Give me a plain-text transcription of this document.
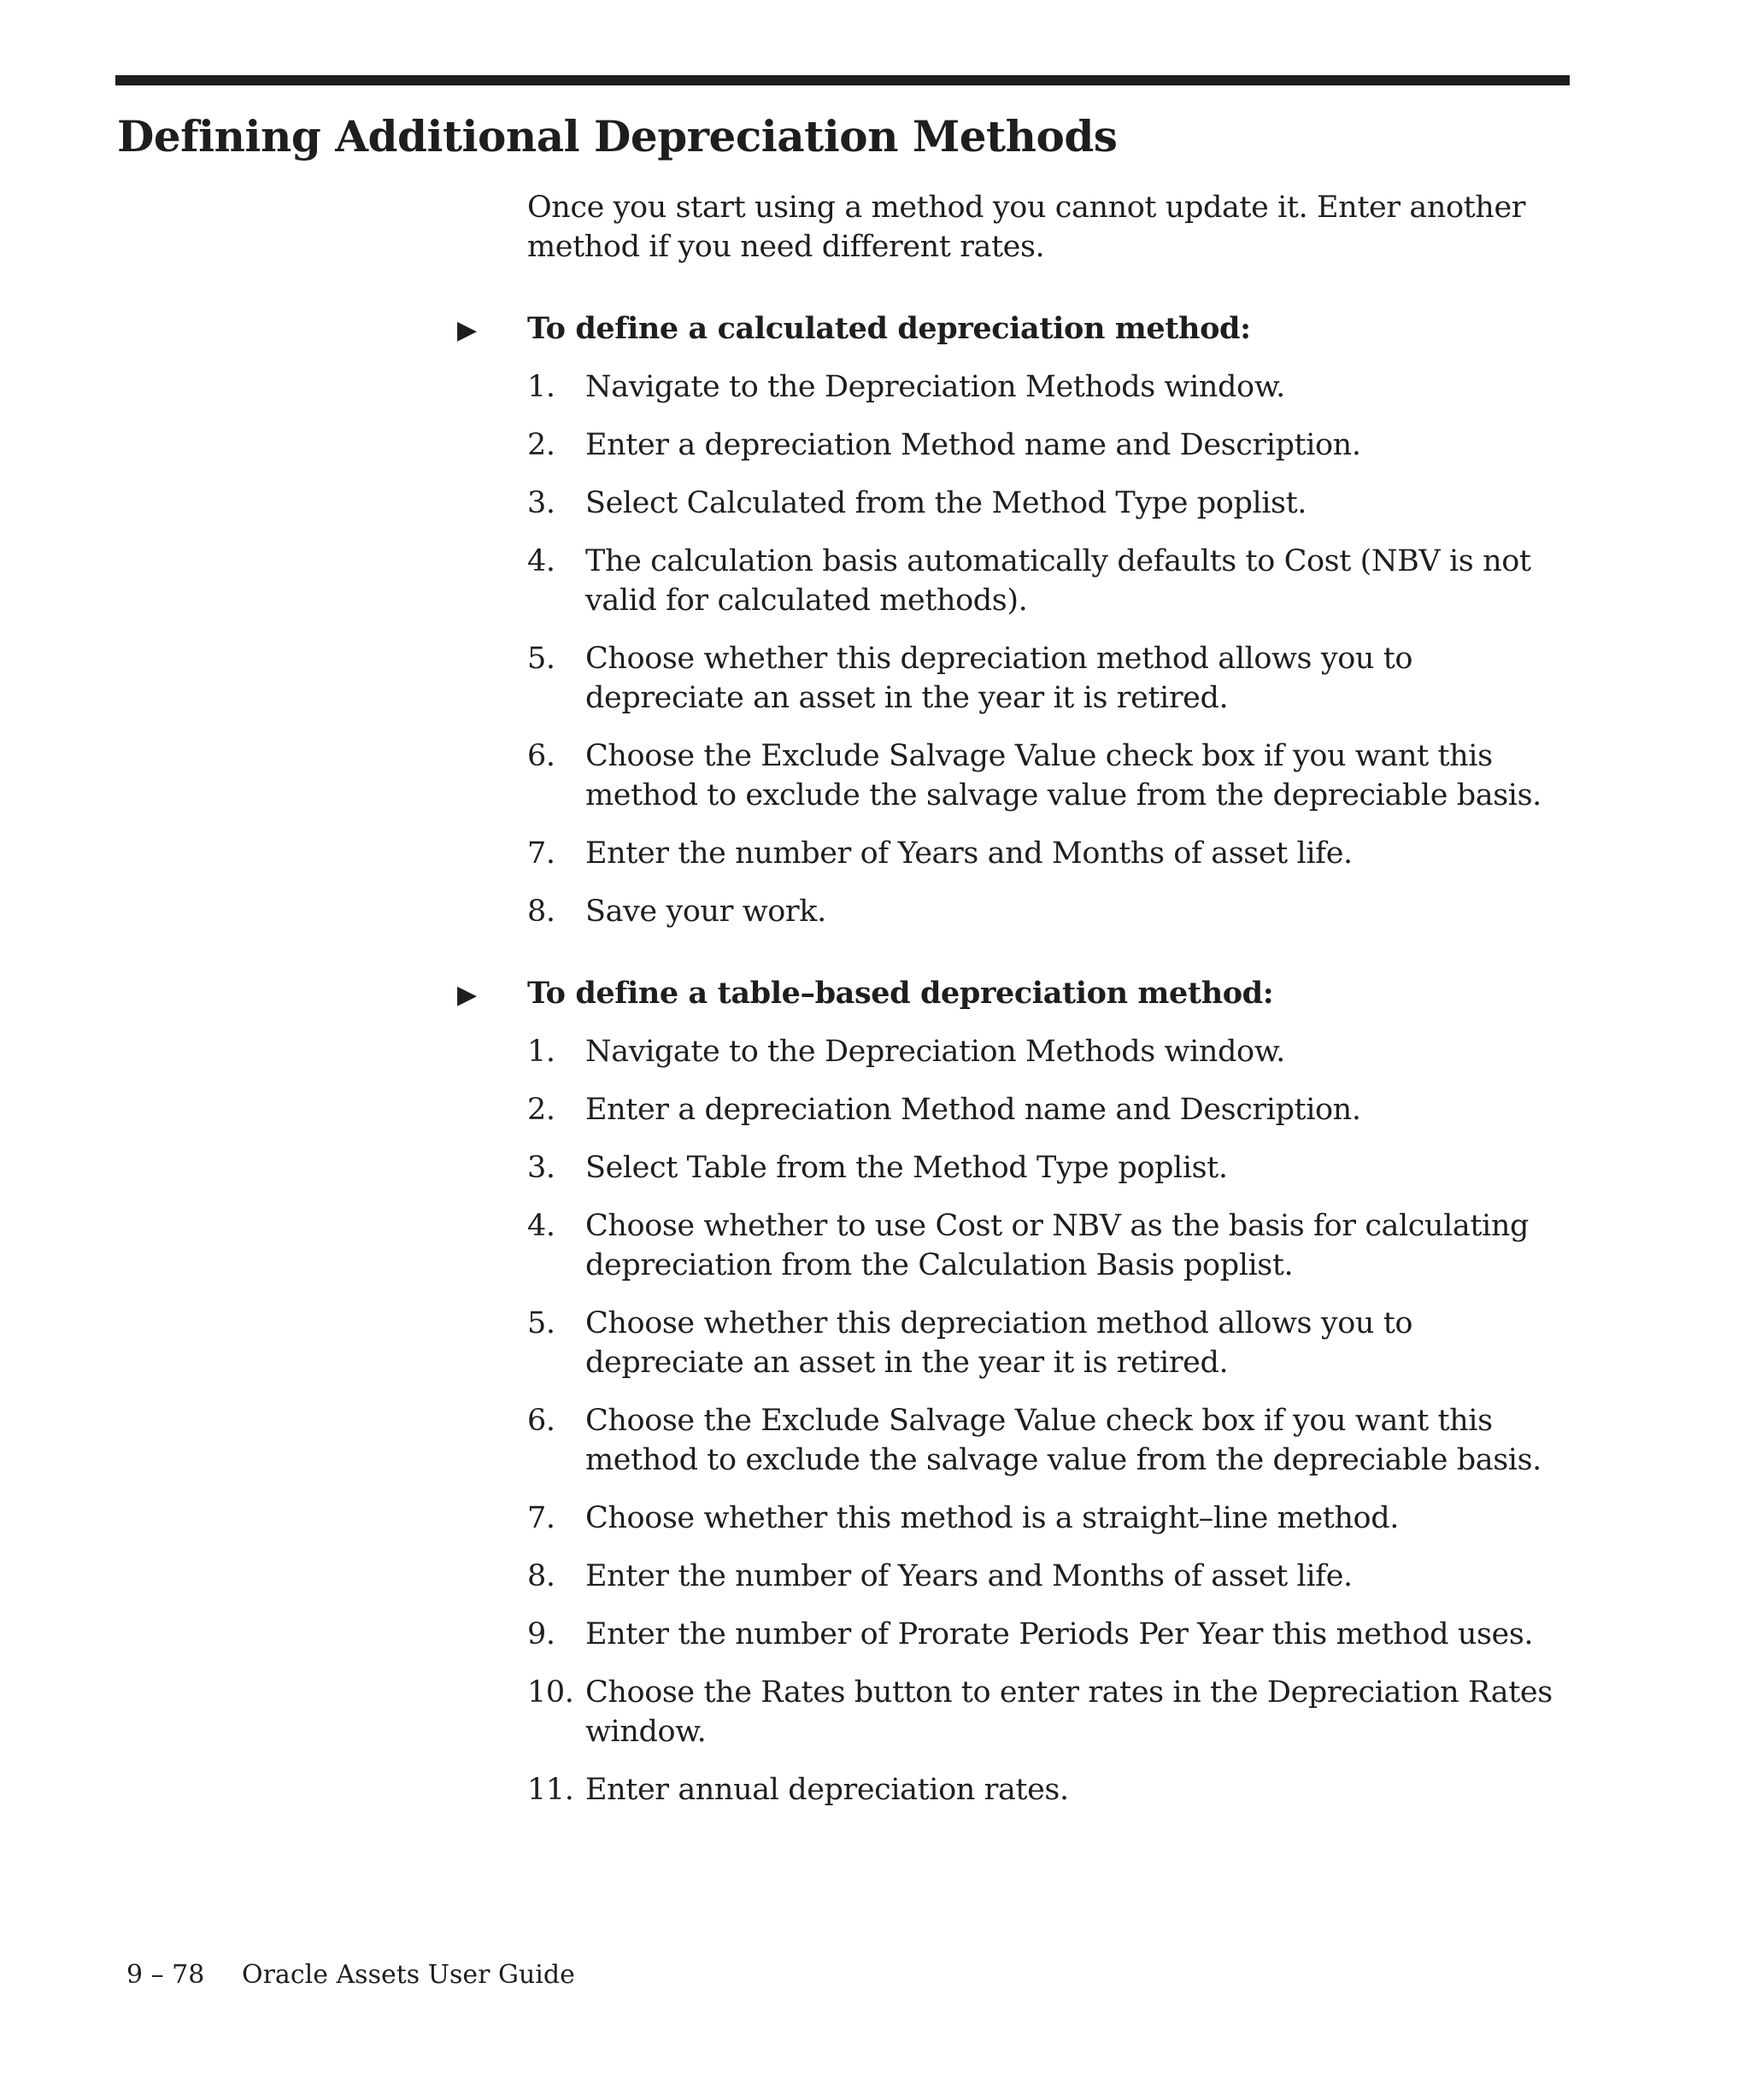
Defining Additional Depreciation Methods

Once you start using a method you cannot update it. Enter another method if you need different rates.

▶ To define a calculated depreciation method:
1. Navigate to the Depreciation Methods window.
2. Enter a depreciation Method name and Description.
3. Select Calculated from the Method Type poplist.
4. The calculation basis automatically defaults to Cost (NBV is not valid for calculated methods).
5. Choose whether this depreciation method allows you to depreciate an asset in the year it is retired.
6. Choose the Exclude Salvage Value check box if you want this method to exclude the salvage value from the depreciable basis.
7. Enter the number of Years and Months of asset life.
8. Save your work.
▶ To define a table–based depreciation method:
1. Navigate to the Depreciation Methods window.
2. Enter a depreciation Method name and Description.
3. Select Table from the Method Type poplist.
4. Choose whether to use Cost or NBV as the basis for calculating depreciation from the Calculation Basis poplist.
5. Choose whether this depreciation method allows you to depreciate an asset in the year it is retired.
6. Choose the Exclude Salvage Value check box if you want this method to exclude the salvage value from the depreciable basis.
7. Choose whether this method is a straight–line method.
8. Enter the number of Years and Months of asset life.
9. Enter the number of Prorate Periods Per Year this method uses.
10. Choose the Rates button to enter rates in the Depreciation Rates window.
11. Enter annual depreciation rates.
9 – 78 Oracle Assets User Guide
